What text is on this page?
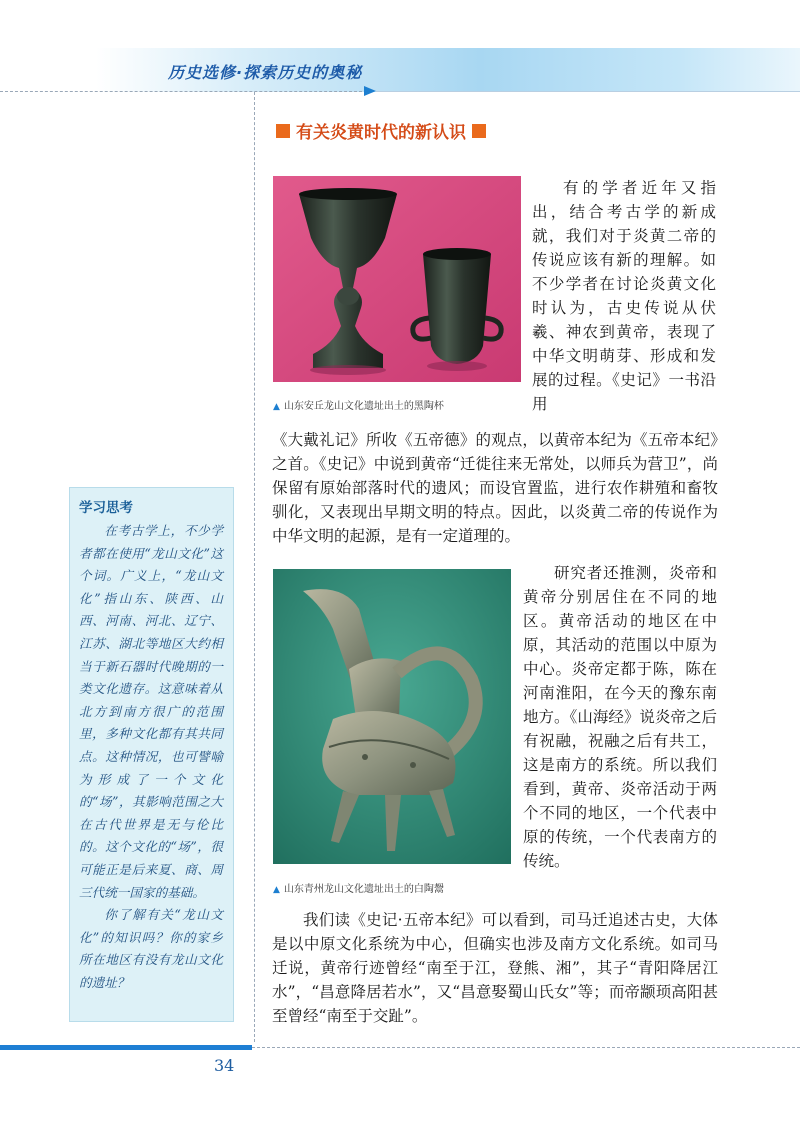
历史选修·探索历史的奥秘
有关炎黄时代的新认识
▲ 山东安丘龙山文化遗址出土的黑陶杯

有的学者近年又指出，结合考古学的新成就，我们对于炎黄二帝的传说应该有新的理解。如不少学者在讨论炎黄文化时认为，古史传说从伏羲、神农到黄帝，表现了中华文明萌芽、形成和发展的过程。《史记》一书沿用

《大戴礼记》所收《五帝德》的观点，以黄帝本纪为《五帝本纪》之首。《史记》中说到黄帝“迁徙往来无常处，以师兵为营卫”，尚保留有原始部落时代的遗风；而设官置监，进行农作耕殖和畜牧驯化，又表现出早期文明的特点。因此，以炎黄二帝的传说作为中华文明的起源，是有一定道理的。

▲ 山东青州龙山文化遗址出土的白陶鬶

研究者还推测，炎帝和黄帝分别居住在不同的地区。黄帝活动的地区在中原，其活动的范围以中原为中心。炎帝定都于陈，陈在河南淮阳，在今天的豫东南地方。《山海经》说炎帝之后有祝融，祝融之后有共工，这是南方的系统。所以我们看到，黄帝、炎帝活动于两个不同的地区，一个代表中原的传统，一个代表南方的传统。

我们读《史记·五帝本纪》可以看到，司马迁追述古史，大体是以中原文化系统为中心，但确实也涉及南方文化系统。如司马迁说，黄帝行迹曾经“南至于江，登熊、湘”，其子“青阳降居江水”，“昌意降居若水”，又“昌意娶蜀山氏女”等；而帝颛顼高阳甚至曾经“南至于交趾”。

学习思考

在考古学上，不少学者都在使用“龙山文化”这个词。广义上，“龙山文化”指山东、陕西、山西、河南、河北、辽宁、江苏、湖北等地区大约相当于新石器时代晚期的一类文化遗存。这意味着从北方到南方很广的范围里，多种文化都有其共同点。这种情况，也可譬喻为形成了一个文化的“场”，其影响范围之大在古代世界是无与伦比的。这个文化的“场”，很可能正是后来夏、商、周三代统一国家的基础。

你了解有关“龙山文化”的知识吗？你的家乡所在地区有没有龙山文化的遗址？

34
